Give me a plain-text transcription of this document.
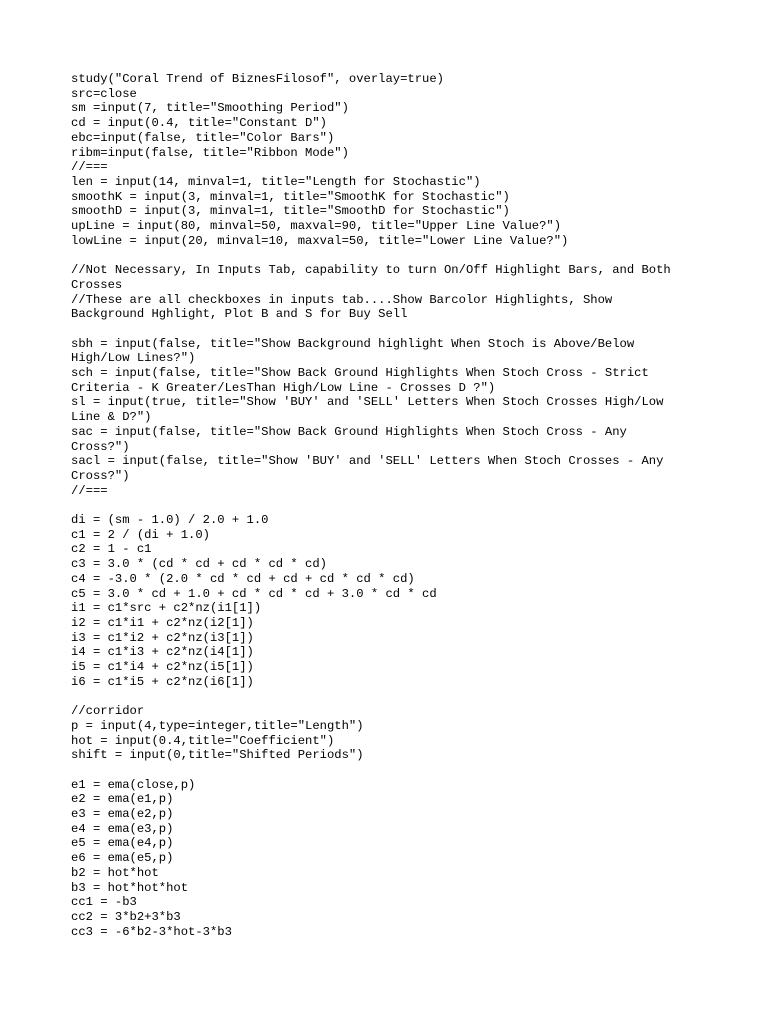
study("Coral Trend of BiznesFilosof", overlay=true)
src=close
sm =input(7, title="Smoothing Period")
cd = input(0.4, title="Constant D")
ebc=input(false, title="Color Bars")
ribm=input(false, title="Ribbon Mode")
//===
len = input(14, minval=1, title="Length for Stochastic")
smoothK = input(3, minval=1, title="SmoothK for Stochastic")
smoothD = input(3, minval=1, title="SmoothD for Stochastic")
upLine = input(80, minval=50, maxval=90, title="Upper Line Value?")
lowLine = input(20, minval=10, maxval=50, title="Lower Line Value?")
//Not Necessary, In Inputs Tab, capability to turn On/Off Highlight Bars, and Both
Crosses
//These are all checkboxes in inputs tab....Show Barcolor Highlights, Show
Background Hghlight, Plot B and S for Buy Sell
sbh = input(false, title="Show Background highlight When Stoch is Above/Below
High/Low Lines?")
sch = input(false, title="Show Back Ground Highlights When Stoch Cross - Strict
Criteria - K Greater/LesThan High/Low Line - Crosses D ?")
sl = input(true, title="Show 'BUY' and 'SELL' Letters When Stoch Crosses High/Low
Line & D?")
sac = input(false, title="Show Back Ground Highlights When Stoch Cross - Any
Cross?")
sacl = input(false, title="Show 'BUY' and 'SELL' Letters When Stoch Crosses - Any
Cross?")
//===
di = (sm - 1.0) / 2.0 + 1.0
c1 = 2 / (di + 1.0)
c2 = 1 - c1
c3 = 3.0 * (cd * cd + cd * cd * cd)
c4 = -3.0 * (2.0 * cd * cd + cd + cd * cd * cd)
c5 = 3.0 * cd + 1.0 + cd * cd * cd + 3.0 * cd * cd
i1 = c1*src + c2*nz(i1[1])
i2 = c1*i1 + c2*nz(i2[1])
i3 = c1*i2 + c2*nz(i3[1])
i4 = c1*i3 + c2*nz(i4[1])
i5 = c1*i4 + c2*nz(i5[1])
i6 = c1*i5 + c2*nz(i6[1])
//corridor
p = input(4,type=integer,title="Length")
hot = input(0.4,title="Coefficient")
shift = input(0,title="Shifted Periods")
e1 = ema(close,p)
e2 = ema(e1,p)
e3 = ema(e2,p)
e4 = ema(e3,p)
e5 = ema(e4,p)
e6 = ema(e5,p)
b2 = hot*hot
b3 = hot*hot*hot
cc1 = -b3
cc2 = 3*b2+3*b3
cc3 = -6*b2-3*hot-3*b3
